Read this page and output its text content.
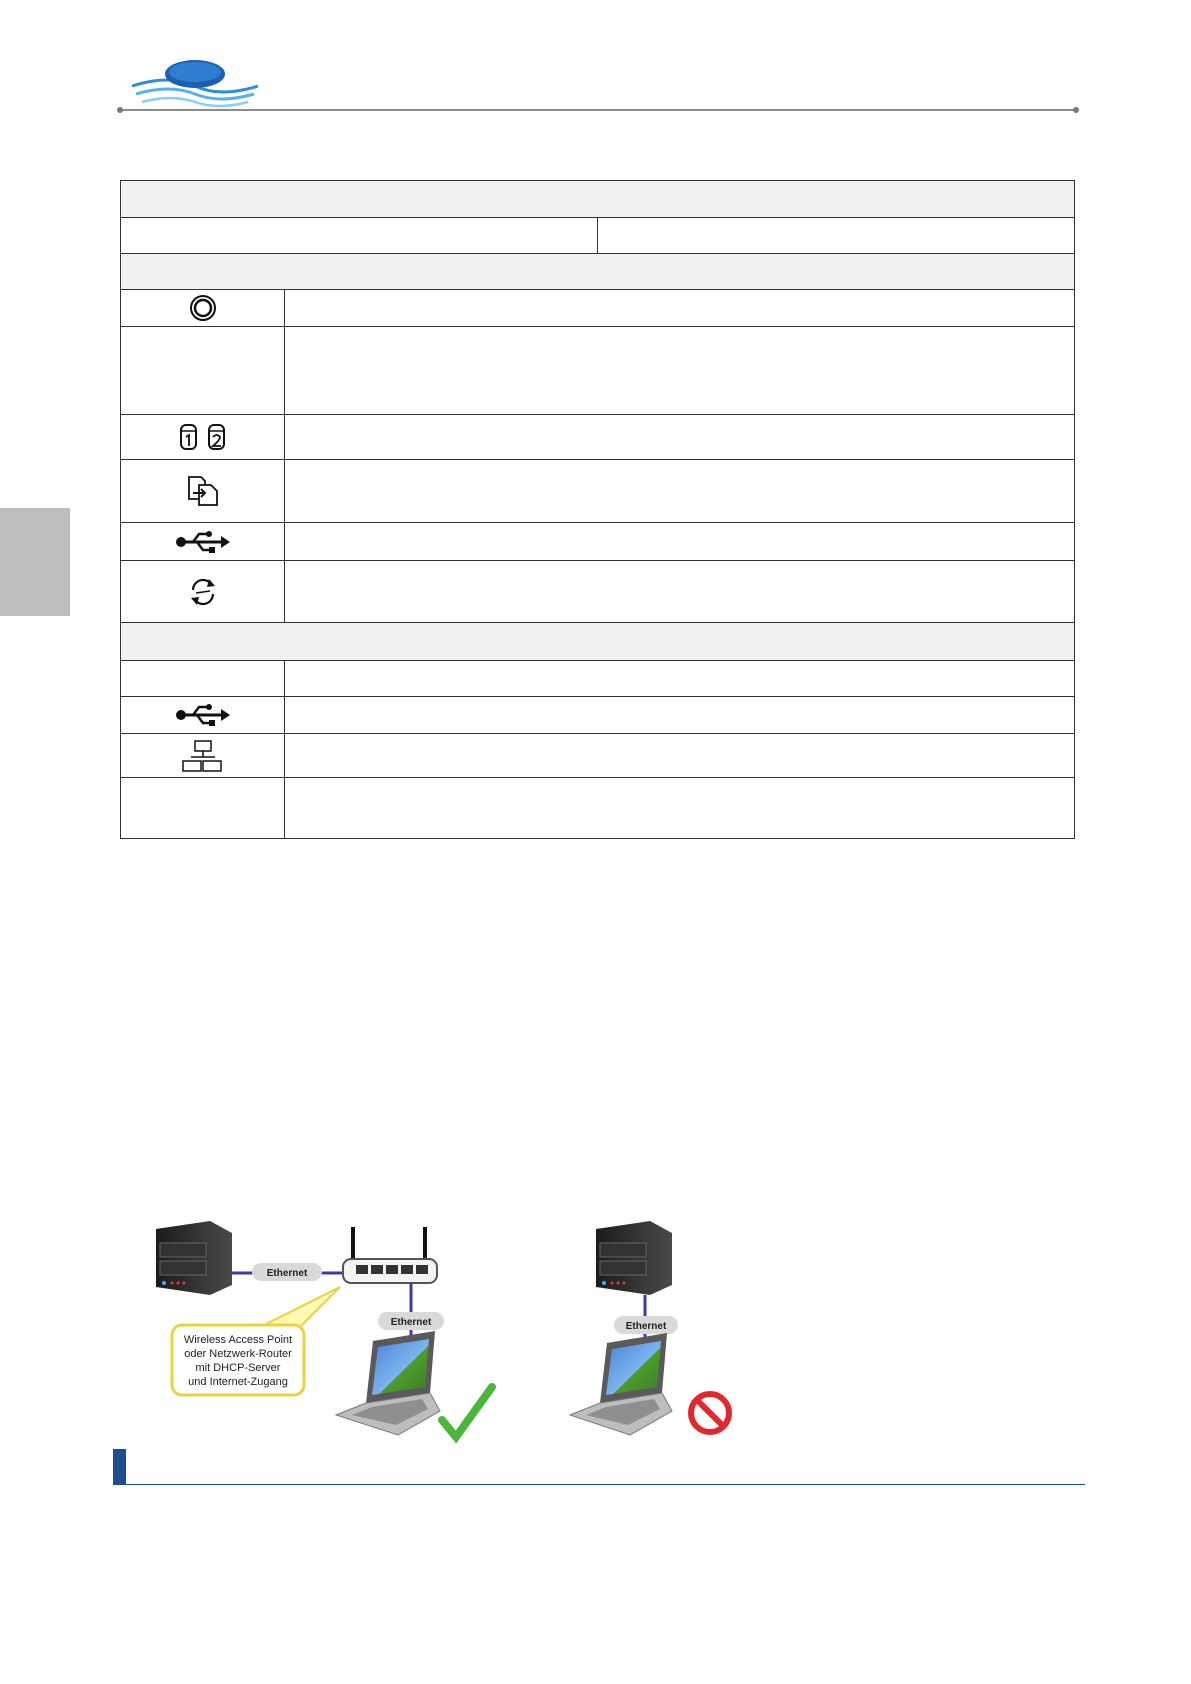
Ethernet
Ethernet
Wireless Access Point
oder Netzwerk-Router
mit DHCP-Server
und Internet-Zugang
Ethernet
